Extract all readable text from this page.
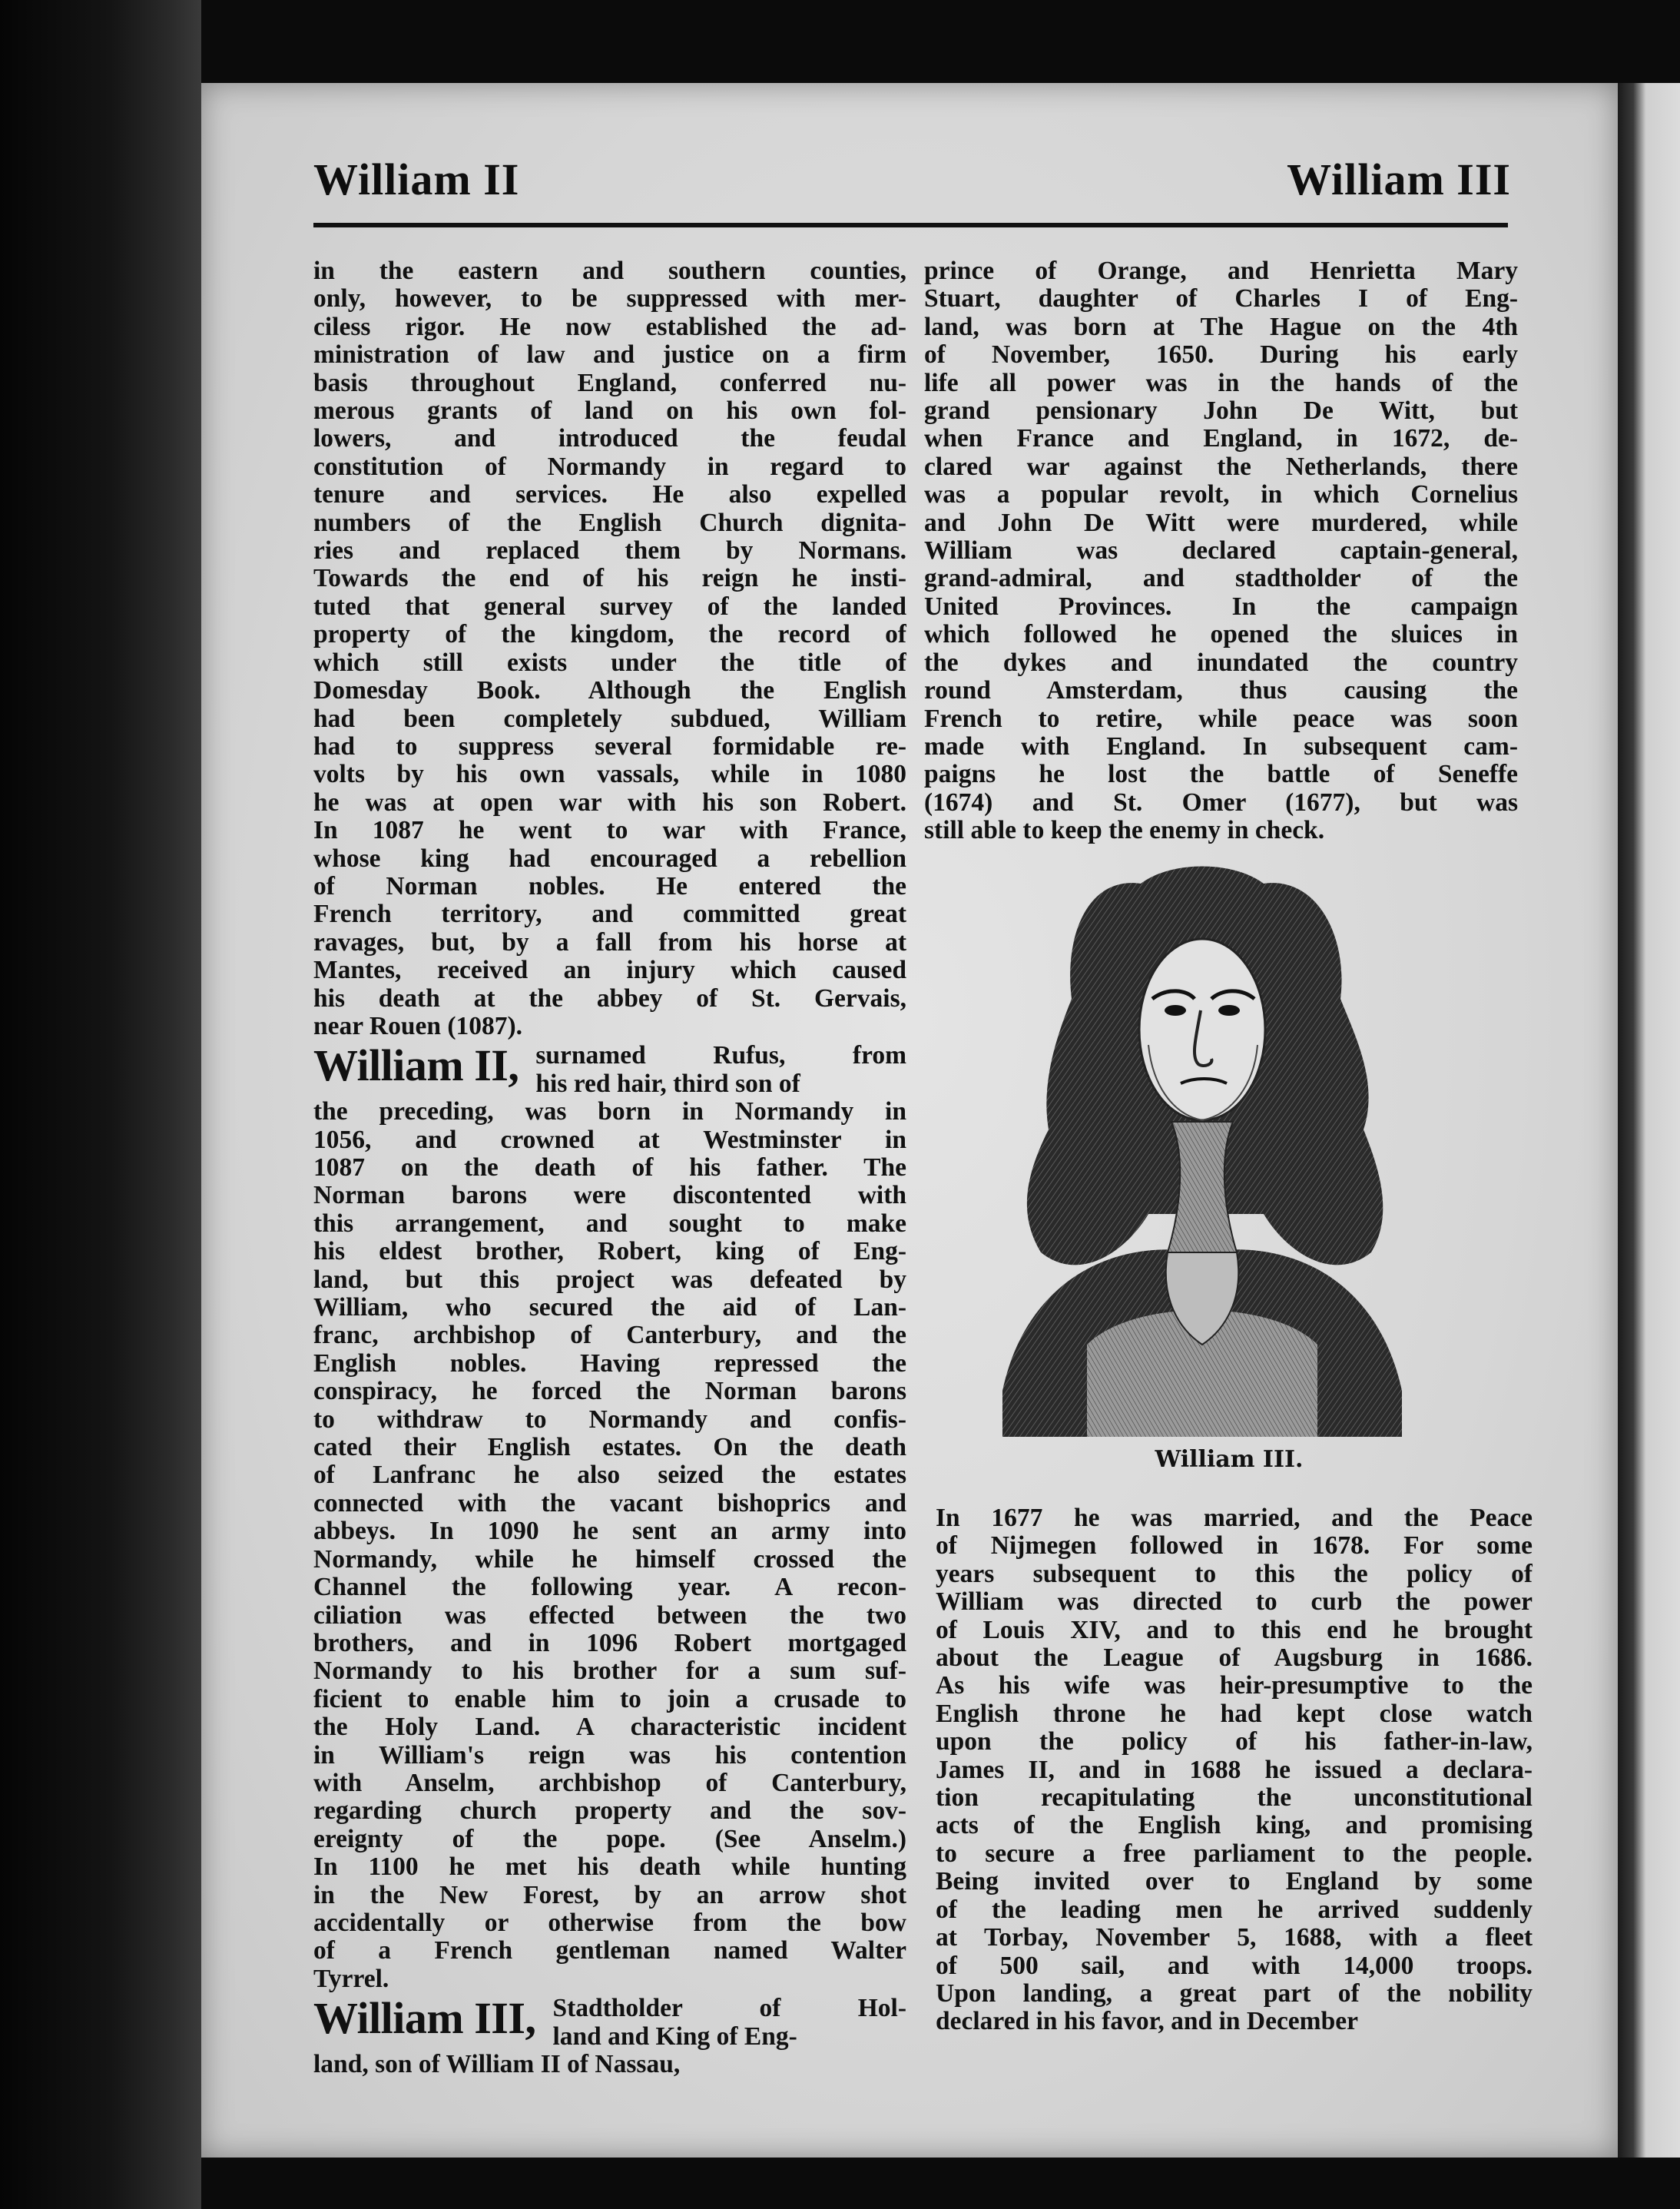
William II	William III
in the eastern and southern counties,
only, however, to be suppressed with mer-
ciless rigor. He now established the ad-
ministration of law and justice on a firm
basis throughout England, conferred nu-
merous grants of land on his own fol-
lowers, and introduced the feudal
constitution of Normandy in regard to
tenure and services. He also expelled
numbers of the English Church dignita-
ries and replaced them by Normans.
Towards the end of his reign he insti-
tuted that general survey of the landed
property of the kingdom, the record of
which still exists under the title of
Domesday Book. Although the English
had been completely subdued, William
had to suppress several formidable re-
volts by his own vassals, while in 1080
he was at open war with his son Robert.
In 1087 he went to war with France,
whose king had encouraged a rebellion
of Norman nobles. He entered the
French territory, and committed great
ravages, but, by a fall from his horse at
Mantes, received an injury which caused
his death at the abbey of St. Gervais,
near Rouen (1087).
William II, surnamed Rufus, from
his red hair, third son of
the preceding, was born in Normandy in
1056, and crowned at Westminster in
1087 on the death of his father. The
Norman barons were discontented with
this arrangement, and sought to make
his eldest brother, Robert, king of Eng-
land, but this project was defeated by
William, who secured the aid of Lan-
franc, archbishop of Canterbury, and the
English nobles. Having repressed the
conspiracy, he forced the Norman barons
to withdraw to Normandy and confis-
cated their English estates. On the death
of Lanfranc he also seized the estates
connected with the vacant bishoprics and
abbeys. In 1090 he sent an army into
Normandy, while he himself crossed the
Channel the following year. A recon-
ciliation was effected between the two
brothers, and in 1096 Robert mortgaged
Normandy to his brother for a sum suf-
ficient to enable him to join a crusade to
the Holy Land. A characteristic incident
in William's reign was his contention
with Anselm, archbishop of Canterbury,
regarding church property and the sov-
ereignty of the pope. (See Anselm.)
In 1100 he met his death while hunting
in the New Forest, by an arrow shot
accidentally or otherwise from the bow
of a French gentleman named Walter
Tyrrel.
William III, Stadtholder of Hol-
land and King of Eng-
land, son of William II of Nassau,
prince of Orange, and Henrietta Mary
Stuart, daughter of Charles I of Eng-
land, was born at The Hague on the 4th
of November, 1650. During his early
life all power was in the hands of the
grand pensionary John De Witt, but
when France and England, in 1672, de-
clared war against the Netherlands, there
was a popular revolt, in which Cornelius
and John De Witt were murdered, while
William was declared captain-general,
grand-admiral, and stadtholder of the
United Provinces. In the campaign
which followed he opened the sluices in
the dykes and inundated the country
round Amsterdam, thus causing the
French to retire, while peace was soon
made with England. In subsequent cam-
paigns he lost the battle of Seneffe
(1674) and St. Omer (1677), but was
still able to keep the enemy in check.
William III.
In 1677 he was married, and the Peace
of Nijmegen followed in 1678. For some
years subsequent to this the policy of
William was directed to curb the power
of Louis XIV, and to this end he brought
about the League of Augsburg in 1686.
As his wife was heir-presumptive to the
English throne he had kept close watch
upon the policy of his father-in-law,
James II, and in 1688 he issued a declara-
tion recapitulating the unconstitutional
acts of the English king, and promising
to secure a free parliament to the people.
Being invited over to England by some
of the leading men he arrived suddenly
at Torbay, November 5, 1688, with a fleet
of 500 sail, and with 14,000 troops.
Upon landing, a great part of the nobility
declared in his favor, and in December
